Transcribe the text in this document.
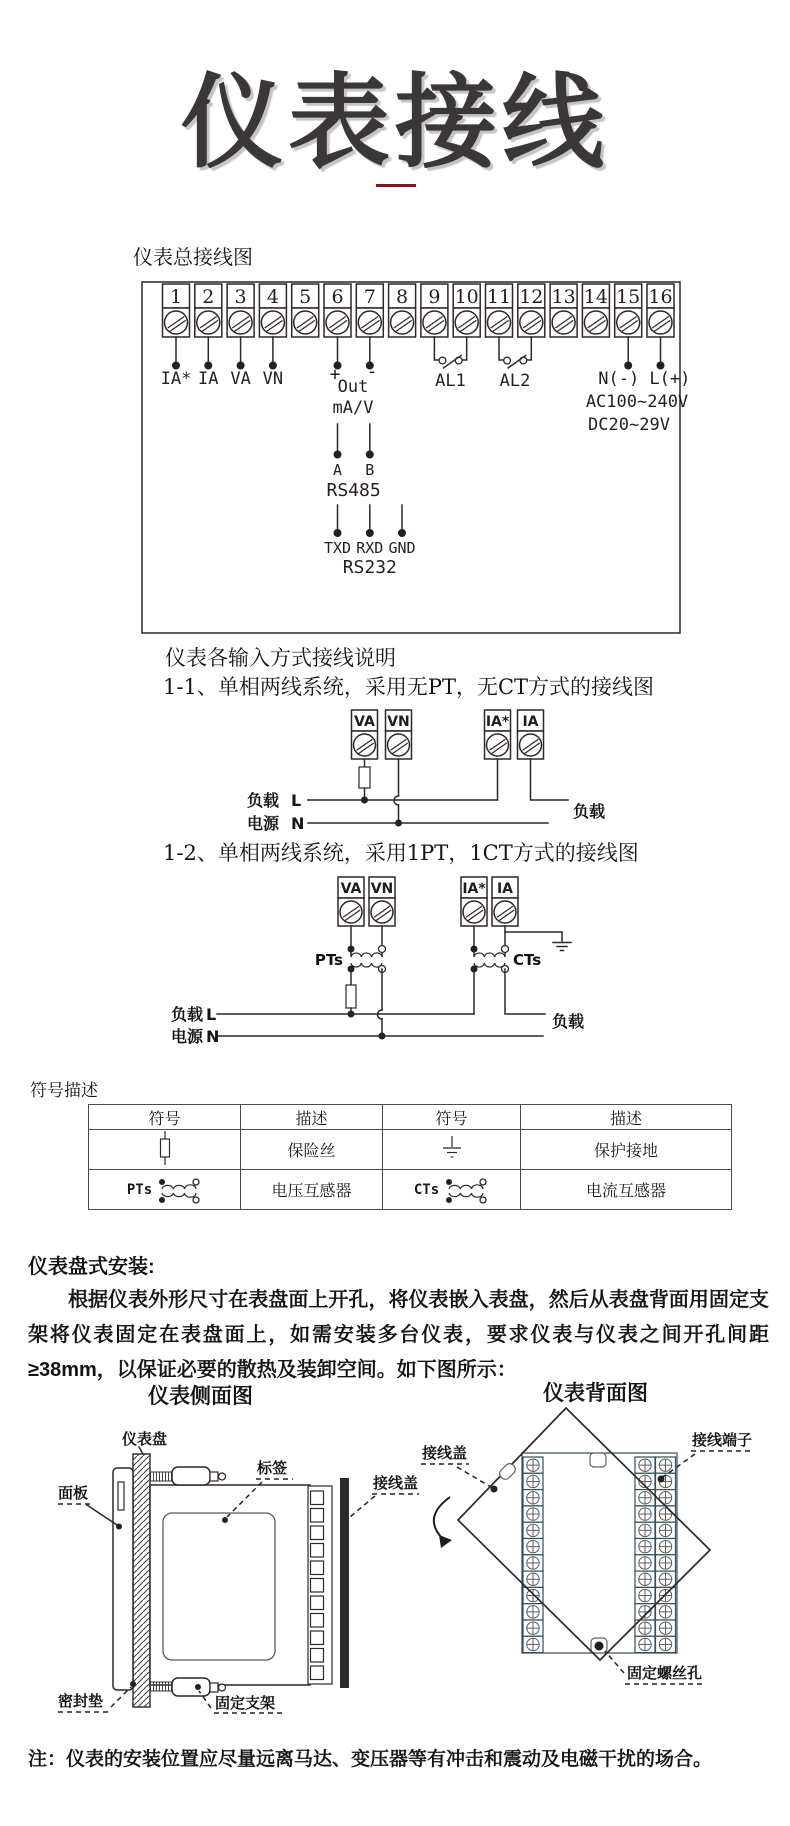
仪表接线
仪表总接线图
1 2 3 4 5 6 7 8 9 10 11 12 13 14 15 16
IA* IA VA VN	+ -
Out
mA/V
A B
RS485
TXD RXD GND
RS232
AL1 AL2	N(-) L(+)
AC100~240V
DC20~29V
仪表各输入方式接线说明
1-1、单相两线系统，采用无PT，无CT方式的接线图
VA VN	IA* IA
负载 L
电源 N
负载
1-2、单相两线系统，采用1PT，1CT方式的接线图
VA VN	IA* IA
PTs	CTs
负载 L
电源 N
负载
符号描述
符号	描述	符号	描述
	保险丝		保护接地

PTs	电压互感器	CTs	电流互感器
仪表盘式安装:
根据仪表外形尺寸在表盘面上开孔，将仪表嵌入表盘，然后从表盘背面用固定支架将仪表固定在表盘面上，如需安装多台仪表，要求仪表与仪表之间开孔间距≥38mm，以保证必要的散热及装卸空间。如下图所示：
仪表侧面图	仪表背面图
仪表盘
面板
标签
接线盖
密封垫	固定支架
接线盖
接线端子
固定螺丝孔
注：仪表的安装位置应尽量远离马达、变压器等有冲击和震动及电磁干扰的场合。
